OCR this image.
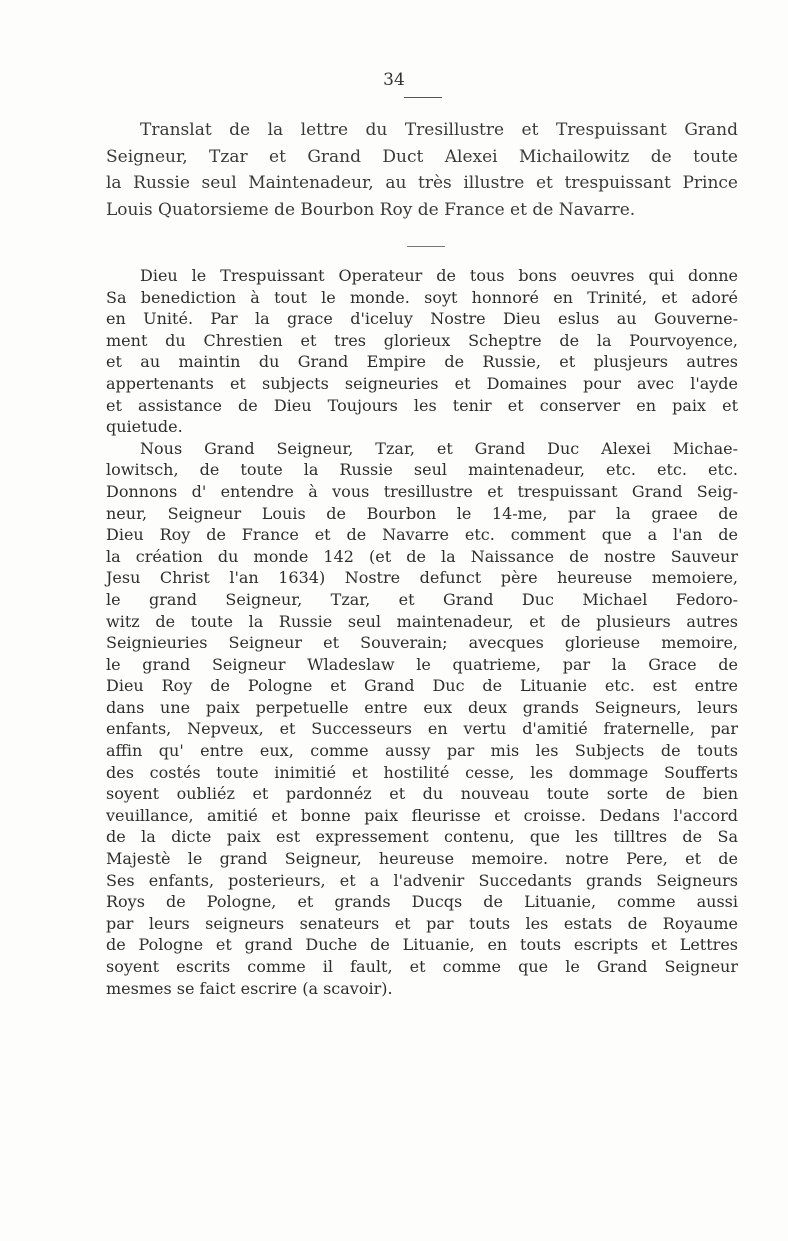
34
Translat de la lettre du Tresillustre et Trespuissant Grand
Seigneur, Tzar et Grand Duct Alexei Michailowitz de toute
la Russie seul Maintenadeur, au très illustre et trespuissant Prince
Louis Quatorsieme de Bourbon Roy de France et de Navarre.
Dieu le Trespuissant Operateur de tous bons oeuvres qui donne
Sa benediction à tout le monde. soyt honnoré en Trinité, et adoré
en Unité. Par la grace d'iceluy Nostre Dieu eslus au Gouverne-
ment du Chrestien et tres glorieux Scheptre de la Pourvoyence,
et au maintin du Grand Empire de Russie, et plusjeurs autres
appertenants et subjects seigneuries et Domaines pour avec l'ayde
et assistance de Dieu Toujours les tenir et conserver en paix et
quietude.
Nous Grand Seigneur, Tzar, et Grand Duc Alexei Michae-
lowitsch, de toute la Russie seul maintenadeur, etc. etc. etc.
Donnons d' entendre à vous tresillustre et trespuissant Grand Seig-
neur, Seigneur Louis de Bourbon le 14-me, par la graee de
Dieu Roy de France et de Navarre etc. comment que a l'an de
la création du monde 142 (et de la Naissance de nostre Sauveur
Jesu Christ l'an 1634) Nostre defunct père heureuse memoiere,
le grand Seigneur, Tzar, et Grand Duc Michael Fedoro-
witz de toute la Russie seul maintenadeur, et de plusieurs autres
Seignieuries Seigneur et Souverain; avecques glorieuse memoire,
le grand Seigneur Wladeslaw le quatrieme, par la Grace de
Dieu Roy de Pologne et Grand Duc de Lituanie etc. est entre
dans une paix perpetuelle entre eux deux grands Seigneurs, leurs
enfants, Nepveux, et Successeurs en vertu d'amitié fraternelle, par
affin qu' entre eux, comme aussy par mis les Subjects de touts
des costés toute inimitié et hostilité cesse, les dommage Soufferts
soyent oubliéz et pardonnéz et du nouveau toute sorte de bien
veuillance, amitié et bonne paix fleurisse et croisse. Dedans l'accord
de la dicte paix est expressement contenu, que les tilltres de Sa
Majestè le grand Seigneur, heureuse memoire. notre Pere, et de
Ses enfants, posterieurs, et a l'advenir Succedants grands Seigneurs
Roys de Pologne, et grands Ducqs de Lituanie, comme aussi
par leurs seigneurs senateurs et par touts les estats de Royaume
de Pologne et grand Duche de Lituanie, en touts escripts et Lettres
soyent escrits comme il fault, et comme que le Grand Seigneur
mesmes se faict escrire (a scavoir).
